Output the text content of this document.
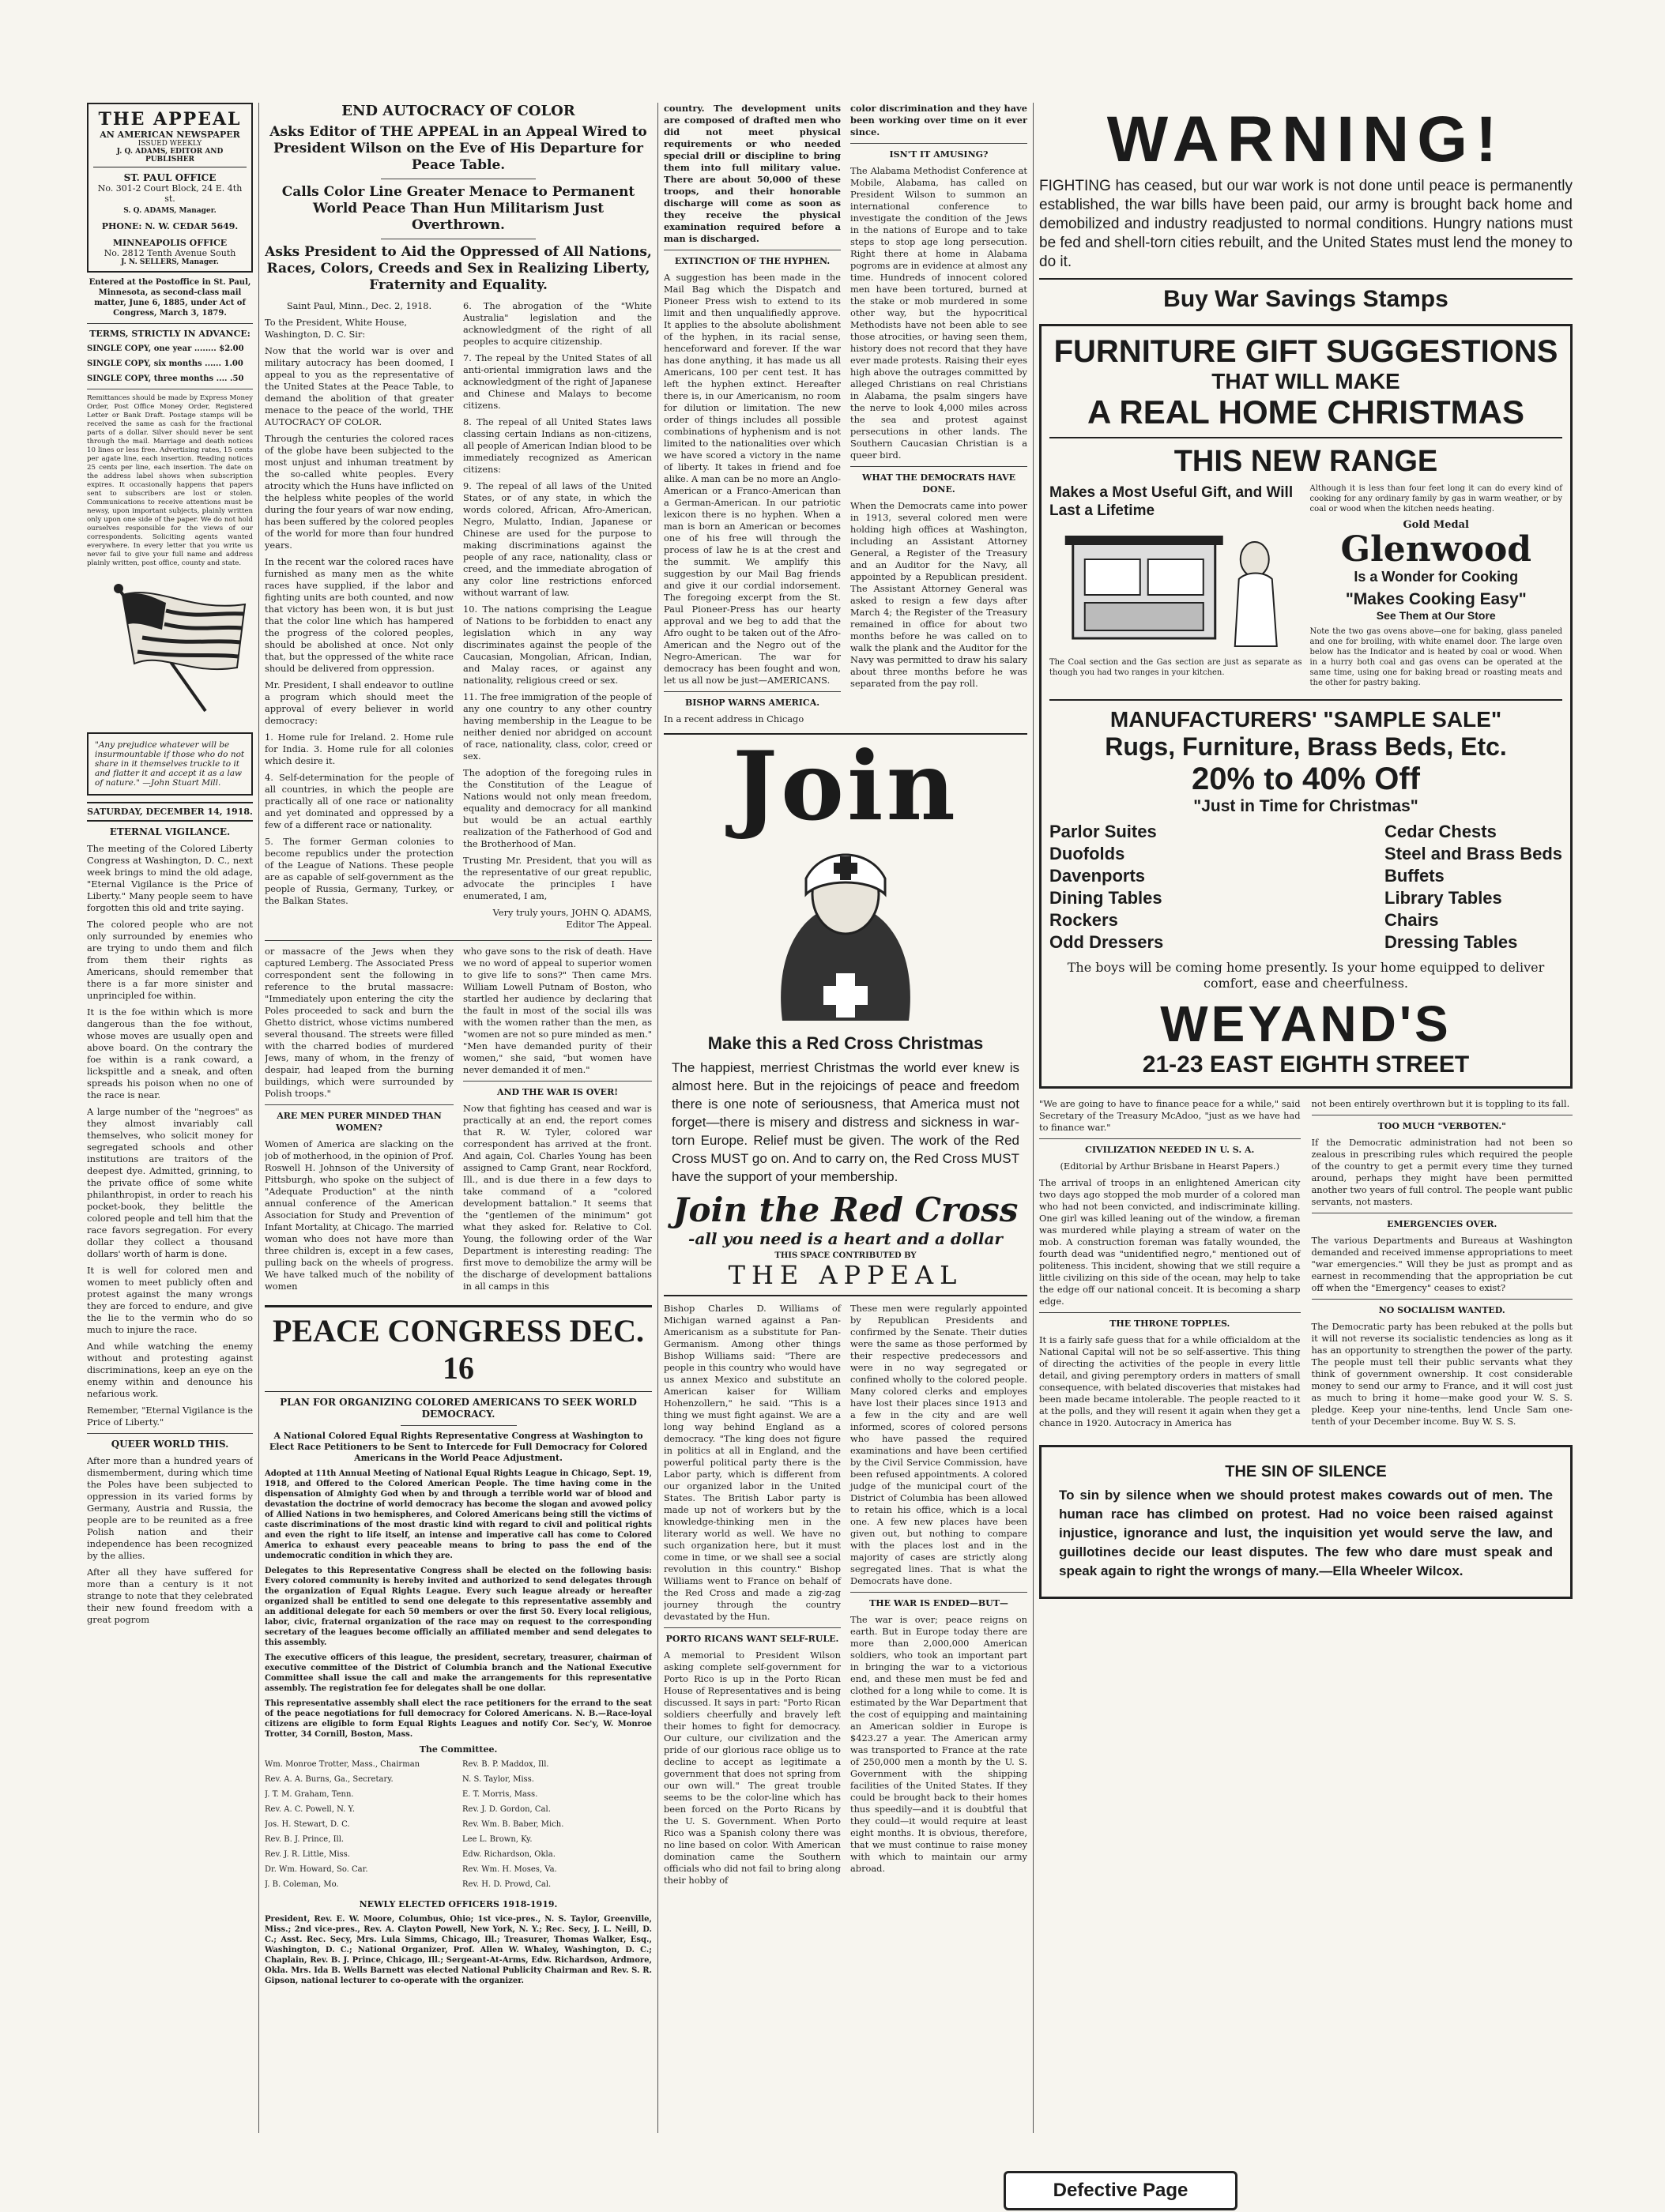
THE APPEAL
AN AMERICAN NEWSPAPER
ISSUED WEEKLY
J. Q. ADAMS, EDITOR AND PUBLISHER
ST. PAUL OFFICE
No. 301-2 Court Block, 24 E. 4th st.
S. Q. ADAMS, Manager.
PHONE: N. W. CEDAR 5649.
MINNEAPOLIS OFFICE
No. 2812 Tenth Avenue South
J. N. SELLERS, Manager.

Entered at the Postoffice in St. Paul, Minnesota, as second-class mail matter, June 6, 1885, under Act of Congress, March 3, 1879.

TERMS, STRICTLY IN ADVANCE:

SINGLE COPY, one year ........ $2.00

SINGLE COPY, six months ...... 1.00

SINGLE COPY, three months .... .50

Remittances should be made by Express Money Order, Post Office Money Order, Registered Letter or Bank Draft. Postage stamps will be received the same as cash for the fractional parts of a dollar. Silver should never be sent through the mail. Marriage and death notices 10 lines or less free. Advertising rates, 15 cents per agate line, each insertion. Reading notices 25 cents per line, each insertion. The date on the address label shows when subscription expires. It occasionally happens that papers sent to subscribers are lost or stolen. Communications to receive attentions must be newsy, upon important subjects, plainly written only upon one side of the paper. We do not hold ourselves responsible for the views of our correspondents. Soliciting agents wanted everywhere. In every letter that you write us never fail to give your full name and address plainly written, post office, county and state.

"Any prejudice whatever will be insurmountable if those who do not share in it themselves truckle to it and flatter it and accept it as a law of nature." —John Stuart Mill.
SATURDAY, DECEMBER 14, 1918.

ETERNAL VIGILANCE.

The meeting of the Colored Liberty Congress at Washington, D. C., next week brings to mind the old adage, "Eternal Vigilance is the Price of Liberty." Many people seem to have forgotten this old and trite saying.

The colored people who are not only surrounded by enemies who are trying to undo them and filch from them their rights as Americans, should remember that there is a far more sinister and unprincipled foe within.

It is the foe within which is more dangerous than the foe without, whose moves are usually open and above board. On the contrary the foe within is a rank coward, a lickspittle and a sneak, and often spreads his poison when no one of the race is near.

A large number of the "negroes" as they almost invariably call themselves, who solicit money for segregated schools and other institutions are traitors of the deepest dye. Admitted, grinning, to the private office of some white philanthropist, in order to reach his pocket-book, they belittle the colored people and tell him that the race favors segregation. For every dollar they collect a thousand dollars' worth of harm is done.

It is well for colored men and women to meet publicly often and protest against the many wrongs they are forced to endure, and give the lie to the vermin who do so much to injure the race.

And while watching the enemy without and protesting against discriminations, keep an eye on the enemy within and denounce his nefarious work.

Remember, "Eternal Vigilance is the Price of Liberty."

QUEER WORLD THIS.

After more than a hundred years of dismemberment, during which time the Poles have been subjected to oppression in its varied forms by Germany, Austria and Russia, the people are to be reunited as a free Polish nation and their independence has been recognized by the allies.

After all they have suffered for more than a century is it not strange to note that they celebrated their new found freedom with a great pogrom

END AUTOCRACY OF COLOR
Asks Editor of THE APPEAL in an Appeal Wired to President Wilson on the Eve of His Departure for Peace Table.
Calls Color Line Greater Menace to Permanent World Peace Than Hun Militarism Just Overthrown.
Asks President to Aid the Oppressed of All Nations, Races, Colors, Creeds and Sex in Realizing Liberty, Fraternity and Equality.

Saint Paul, Minn., Dec. 2, 1918.

To the President, White House, Washington, D. C. Sir:

Now that the world war is over and military autocracy has been doomed, I appeal to you as the representative of the United States at the Peace Table, to demand the abolition of that greater menace to the peace of the world, THE AUTOCRACY OF COLOR.

Through the centuries the colored races of the globe have been subjected to the most unjust and inhuman treatment by the so-called white peoples. Every atrocity which the Huns have inflicted on the helpless white peoples of the world during the four years of war now ending, has been suffered by the colored peoples of the world for more than four hundred years.

In the recent war the colored races have furnished as many men as the white races have supplied, if the labor and fighting units are both counted, and now that victory has been won, it is but just that the color line which has hampered the progress of the colored peoples, should be abolished at once. Not only that, but the oppressed of the white race should be delivered from oppression.

Mr. President, I shall endeavor to outline a program which should meet the approval of every believer in world democracy:

1. Home rule for Ireland. 2. Home rule for India. 3. Home rule for all colonies which desire it.

4. Self-determination for the people of all countries, in which the people are practically all of one race or nationality and yet dominated and oppressed by a few of a different race or nationality.

5. The former German colonies to become republics under the protection of the League of Nations. These people are as capable of self-government as the people of Russia, Germany, Turkey, or the Balkan States.

6. The abrogation of the "White Australia" legislation and the acknowledgment of the right of all peoples to acquire citizenship.

7. The repeal by the United States of all anti-oriental immigration laws and the acknowledgment of the right of Japanese and Chinese and Malays to become citizens.

8. The repeal of all United States laws classing certain Indians as non-citizens, all people of American Indian blood to be immediately recognized as American citizens:

9. The repeal of all laws of the United States, or of any state, in which the words colored, African, Afro-American, Negro, Mulatto, Indian, Japanese or Chinese are used for the purpose to making discriminations against the people of any race, nationality, class or creed, and the immediate abrogation of any color line restrictions enforced without warrant of law.

10. The nations comprising the League of Nations to be forbidden to enact any legislation which in any way discriminates against the people of the Caucasian, Mongolian, African, Indian, and Malay races, or against any nationality, religious creed or sex.

11. The free immigration of the people of any one country to any other country having membership in the League to be neither denied nor abridged on account of race, nationality, class, color, creed or sex.

The adoption of the foregoing rules in the Constitution of the League of Nations would not only mean freedom, equality and democracy for all mankind but would be an actual earthly realization of the Fatherhood of God and the Brotherhood of Man.

Trusting Mr. President, that you will as the representative of our great republic, advocate the principles I have enumerated, I am,

Very truly yours, JOHN Q. ADAMS, Editor The Appeal.

or massacre of the Jews when they captured Lemberg. The Associated Press correspondent sent the following in reference to the brutal massacre: "Immediately upon entering the city the Poles proceeded to sack and burn the Ghetto district, whose victims numbered several thousand. The streets were filled with the charred bodies of murdered Jews, many of whom, in the frenzy of despair, had leaped from the burning buildings, which were surrounded by Polish troops."

ARE MEN PURER MINDED THAN WOMEN?

Women of America are slacking on the job of motherhood, in the opinion of Prof. Roswell H. Johnson of the University of Pittsburgh, who spoke on the subject of "Adequate Production" at the ninth annual conference of the American Association for Study and Prevention of Infant Mortality, at Chicago. The married woman who does not have more than three children is, except in a few cases, pulling back on the wheels of progress. We have talked much of the nobility of women

who gave sons to the risk of death. Have we no word of appeal to superior women to give life to sons?" Then came Mrs. William Lowell Putnam of Boston, who startled her audience by declaring that the fault in most of the social ills was with the women rather than the men, as "women are not so pure minded as men." "Men have demanded purity of their women," she said, "but women have never demanded it of men."

AND THE WAR IS OVER!

Now that fighting has ceased and war is practically at an end, the report comes that R. W. Tyler, colored war correspondent has arrived at the front. And again, Col. Charles Young has been assigned to Camp Grant, near Rockford, Ill., and is due there in a few days to take command of a "colored development battalion." It seems that the "gentlemen of the minimum" got what they asked for. Relative to Col. Young, the following order of the War Department is interesting reading: The first move to demobilize the army will be the discharge of development battalions in all camps in this

PEACE CONGRESS DEC. 16

PLAN FOR ORGANIZING COLORED AMERICANS TO SEEK WORLD DEMOCRACY.

A National Colored Equal Rights Representative Congress at Washington to Elect Race Petitioners to be Sent to Intercede for Full Democracy for Colored Americans in the World Peace Adjustment.

Adopted at 11th Annual Meeting of National Equal Rights League in Chicago, Sept. 19, 1918, and Offered to the Colored American People. The time having come in the dispensation of Almighty God when by and through a terrible world war of blood and devastation the doctrine of world democracy has become the slogan and avowed policy of Allied Nations in two hemispheres, and Colored Americans being still the victims of caste discriminations of the most drastic kind with regard to civil and political rights and even the right to life itself, an intense and imperative call has come to Colored America to exhaust every peaceable means to bring to pass the end of the undemocratic condition in which they are.

Delegates to this Representative Congress shall be elected on the following basis: Every colored community is hereby invited and authorized to send delegates through the organization of Equal Rights League. Every such league already or hereafter organized shall be entitled to send one delegate to this representative assembly and an additional delegate for each 50 members or over the first 50. Every local religious, labor, civic, fraternal organization of the race may on request to the corresponding secretary of the leagues become officially an affiliated member and send delegates to this assembly.

The executive officers of this league, the president, secretary, treasurer, chairman of executive committee of the District of Columbia branch and the National Executive Committee shall issue the call and make the arrangements for this representative assembly. The registration fee for delegates shall be one dollar.

This representative assembly shall elect the race petitioners for the errand to the seat of the peace negotiations for full democracy for Colored Americans. N. B.—Race-loyal citizens are eligible to form Equal Rights Leagues and notify Cor. Sec'y, W. Monroe Trotter, 34 Cornill, Boston, Mass.

The Committee.

Wm. Monroe Trotter, Mass., Chairman

Rev. A. A. Burns, Ga., Secretary.

J. T. M. Graham, Tenn.

Rev. A. C. Powell, N. Y.

Jos. H. Stewart, D. C.

Rev. B. J. Prince, Ill.

Rev. J. R. Little, Miss.

Dr. Wm. Howard, So. Car.

J. B. Coleman, Mo.

Rev. B. P. Maddox, Ill.

N. S. Taylor, Miss.

E. T. Morris, Mass.

Rev. J. D. Gordon, Cal.

Rev. Wm. B. Baber, Mich.

Lee L. Brown, Ky.

Edw. Richardson, Okla.

Rev. Wm. H. Moses, Va.

Rev. H. D. Prowd, Cal.

NEWLY ELECTED OFFICERS 1918-1919.

President, Rev. E. W. Moore, Columbus, Ohio; 1st vice-pres., N. S. Taylor, Greenville, Miss.; 2nd vice-pres., Rev. A. Clayton Powell, New York, N. Y.; Rec. Secy, J. L. Neill, D. C.; Asst. Rec. Secy, Mrs. Lula Simms, Chicago, Ill.; Treasurer, Thomas Walker, Esq., Washington, D. C.; National Organizer, Prof. Allen W. Whaley, Washington, D. C.; Chaplain, Rev. B. J. Prince, Chicago, Ill.; Sergeant-At-Arms, Edw. Richardson, Ardmore, Okla. Mrs. Ida B. Wells Barnett was elected National Publicity Chairman and Rev. S. R. Gipson, national lecturer to co-operate with the organizer.

country. The development units are composed of drafted men who did not meet physical requirements or who needed special drill or discipline to bring them into full military value. There are about 50,000 of these troops, and their honorable discharge will come as soon as they receive the physical examination required before a man is discharged.

EXTINCTION OF THE HYPHEN.

A suggestion has been made in the Mail Bag which the Dispatch and Pioneer Press wish to extend to its limit and then unqualifiedly approve. It applies to the absolute abolishment of the hyphen, in its racial sense, henceforward and forever. If the war has done anything, it has made us all Americans, 100 per cent test. It has left the hyphen extinct. Hereafter there is, in our Americanism, no room for dilution or limitation. The new order of things includes all possible combinations of hyphenism and is not limited to the nationalities over which we have scored a victory in the name of liberty. It takes in friend and foe alike. A man can be no more an Anglo-American or a Franco-American than a German-American. In our patriotic lexicon there is no hyphen. When a man is born an American or becomes one of his free will through the process of law he is at the crest and the summit. We amplify this suggestion by our Mail Bag friends and give it our cordial indorsement. The foregoing excerpt from the St. Paul Pioneer-Press has our hearty approval and we beg to add that the Afro ought to be taken out of the Afro-American and the Negro out of the Negro-American. The war for democracy has been fought and won, let us all now be just—AMERICANS.

BISHOP WARNS AMERICA.

In a recent address in Chicago

color discrimination and they have been working over time on it ever since.

ISN'T IT AMUSING?

The Alabama Methodist Conference at Mobile, Alabama, has called on President Wilson to summon an international conference to investigate the condition of the Jews in the nations of Europe and to take steps to stop age long persecution. Right there at home in Alabama pogroms are in evidence at almost any time. Hundreds of innocent colored men have been tortured, burned at the stake or mob murdered in some other way, but the hypocritical Methodists have not been able to see those atrocities, or having seen them, history does not record that they have ever made protests. Raising their eyes high above the outrages committed by alleged Christians on real Christians in Alabama, the psalm singers have the nerve to look 4,000 miles across the sea and protest against persecutions in other lands. The Southern Caucasian Christian is a queer bird.

WHAT THE DEMOCRATS HAVE DONE.

When the Democrats came into power in 1913, several colored men were holding high offices at Washington, including an Assistant Attorney General, a Register of the Treasury and an Auditor for the Navy, all appointed by a Republican president. The Assistant Attorney General was asked to resign a few days after March 4; the Register of the Treasury remained in office for about two months before he was called on to walk the plank and the Auditor for the Navy was permitted to draw his salary about three months before he was separated from the pay roll.

Join
Make this a Red Cross Christmas

The happiest, merriest Christmas the world ever knew is almost here. But in the rejoicings of peace and freedom there is one note of seriousness, that America must not forget—there is misery and distress and sickness in war-torn Europe. Relief must be given. The work of the Red Cross MUST go on. And to carry on, the Red Cross MUST have the support of your membership.

Join the Red Cross
-all you need is a heart and a dollar
THIS SPACE CONTRIBUTED BY
THE APPEAL

Bishop Charles D. Williams of Michigan warned against a Pan-Americanism as a substitute for Pan-Germanism. Among other things Bishop Williams said: "There are people in this country who would have us annex Mexico and substitute an American kaiser for William Hohenzollern," he said. "This is a thing we must fight against. We are a long way behind England as a democracy. "The king does not figure in politics at all in England, and the powerful political party there is the Labor party, which is different from our organized labor in the United States. The British Labor party is made up not of workers but by the knowledge-thinking men in the literary world as well. We have no such organization here, but it must come in time, or we shall see a social revolution in this country." Bishop Williams went to France on behalf of the Red Cross and made a zig-zag journey through the country devastated by the Hun.

PORTO RICANS WANT SELF-RULE.

A memorial to President Wilson asking complete self-government for Porto Rico is up in the Porto Rican House of Representatives and is being discussed. It says in part: "Porto Rican soldiers cheerfully and bravely left their homes to fight for democracy. Our culture, our civilization and the pride of our glorious race oblige us to decline to accept as legitimate a government that does not spring from our own will." The great trouble seems to be the color-line which has been forced on the Porto Ricans by the U. S. Government. When Porto Rico was a Spanish colony there was no line based on color. With American domination came the Southern officials who did not fail to bring along their hobby of

These men were regularly appointed by Republican Presidents and confirmed by the Senate. Their duties were the same as those performed by their respective predecessors and were in no way segregated or confined wholly to the colored people. Many colored clerks and employes have lost their places since 1913 and a few in the city and are well informed, scores of colored persons who have passed the required examinations and have been certified by the Civil Service Commission, have been refused appointments. A colored judge of the municipal court of the District of Columbia has been allowed to retain his office, which is a local one. A few new places have been given out, but nothing to compare with the places lost and in the majority of cases are strictly along segregated lines. That is what the Democrats have done.

THE WAR IS ENDED—BUT—

The war is over; peace reigns on earth. But in Europe today there are more than 2,000,000 American soldiers, who took an important part in bringing the war to a victorious end, and these men must be fed and clothed for a long while to come. It is estimated by the War Department that the cost of equipping and maintaining an American soldier in Europe is $423.27 a year. The American army was transported to France at the rate of 250,000 men a month by the U. S. Government with the shipping facilities of the United States. If they could be brought back to their homes thus speedily—and it is doubtful that they could—it would require at least eight months. It is obvious, therefore, that we must continue to raise money with which to maintain our army abroad.

WARNING!

FIGHTING has ceased, but our war work is not done until peace is permanently established, the war bills have been paid, our army is brought back home and demobilized and industry readjusted to normal conditions. Hungry nations must be fed and shell-torn cities rebuilt, and the United States must lend the money to do it.

Buy War Savings Stamps
FURNITURE GIFT SUGGESTIONS
THAT WILL MAKE
A REAL HOME CHRISTMAS
THIS NEW RANGE
Makes a Most Useful Gift, and Will Last a Lifetime

The Coal section and the Gas section are just as separate as though you had two ranges in your kitchen.

Although it is less than four feet long it can do every kind of cooking for any ordinary family by gas in warm weather, or by coal or wood when the kitchen needs heating.

Gold Medal
Glenwood
Is a Wonder for Cooking
"Makes Cooking Easy"
See Them at Our Store

Note the two gas ovens above—one for baking, glass paneled and one for broiling, with white enamel door. The large oven below has the Indicator and is heated by coal or wood. When in a hurry both coal and gas ovens can be operated at the same time, using one for baking bread or roasting meats and the other for pastry baking.

MANUFACTURERS' "SAMPLE SALE"
Rugs, Furniture, Brass Beds, Etc.
20% to 40% Off
"Just in Time for Christmas"
Parlor Suites
Duofolds
Davenports
Dining Tables
Rockers
Odd Dressers
Cedar Chests
Steel and Brass Beds
Buffets
Library Tables
Chairs
Dressing Tables

The boys will be coming home presently. Is your home equipped to deliver comfort, ease and cheerfulness.

WEYAND'S
21-23 EAST EIGHTH STREET

"We are going to have to finance peace for a while," said Secretary of the Treasury McAdoo, "just as we have had to finance war."

CIVILIZATION NEEDED IN U. S. A.

(Editorial by Arthur Brisbane in Hearst Papers.)

The arrival of troops in an enlightened American city two days ago stopped the mob murder of a colored man who had not been convicted, and indiscriminate killing. One girl was killed leaning out of the window, a fireman was murdered while playing a stream of water on the mob. A construction foreman was fatally wounded, the fourth dead was "unidentified negro," mentioned out of politeness. This incident, showing that we still require a little civilizing on this side of the ocean, may help to take the edge off our national conceit. It is becoming a sharp edge.

THE THRONE TOPPLES.

It is a fairly safe guess that for a while officialdom at the National Capital will not be so self-assertive. This thing of directing the activities of the people in every little detail, and giving peremptory orders in matters of small consequence, with belated discoveries that mistakes had been made became intolerable. The people reacted to it at the polls, and they will resent it again when they get a chance in 1920. Autocracy in America has

not been entirely overthrown but it is toppling to its fall.

TOO MUCH "VERBOTEN."

If the Democratic administration had not been so zealous in prescribing rules which required the people of the country to get a permit every time they turned around, perhaps they might have been permitted another two years of full control. The people want public servants, not masters.

EMERGENCIES OVER.

The various Departments and Bureaus at Washington demanded and received immense appropriations to meet "war emergencies." Will they be just as prompt and as earnest in recommending that the appropriation be cut off when the "Emergency" ceases to exist?

NO SOCIALISM WANTED.

The Democratic party has been rebuked at the polls but it will not reverse its socialistic tendencies as long as it has an opportunity to strengthen the power of the party. The people must tell their public servants what they think of government ownership. It cost considerable money to send our army to France, and it will cost just as much to bring it home—make good your W. S. S. pledge. Keep your nine-tenths, lend Uncle Sam one-tenth of your December income. Buy W. S. S.

THE SIN OF SILENCE

To sin by silence when we should protest makes cowards out of men. The human race has climbed on protest. Had no voice been raised against injustice, ignorance and lust, the inquisition yet would serve the law, and guillotines decide our least disputes. The few who dare must speak and speak again to right the wrongs of many.—Ella Wheeler Wilcox.

Defective Page
